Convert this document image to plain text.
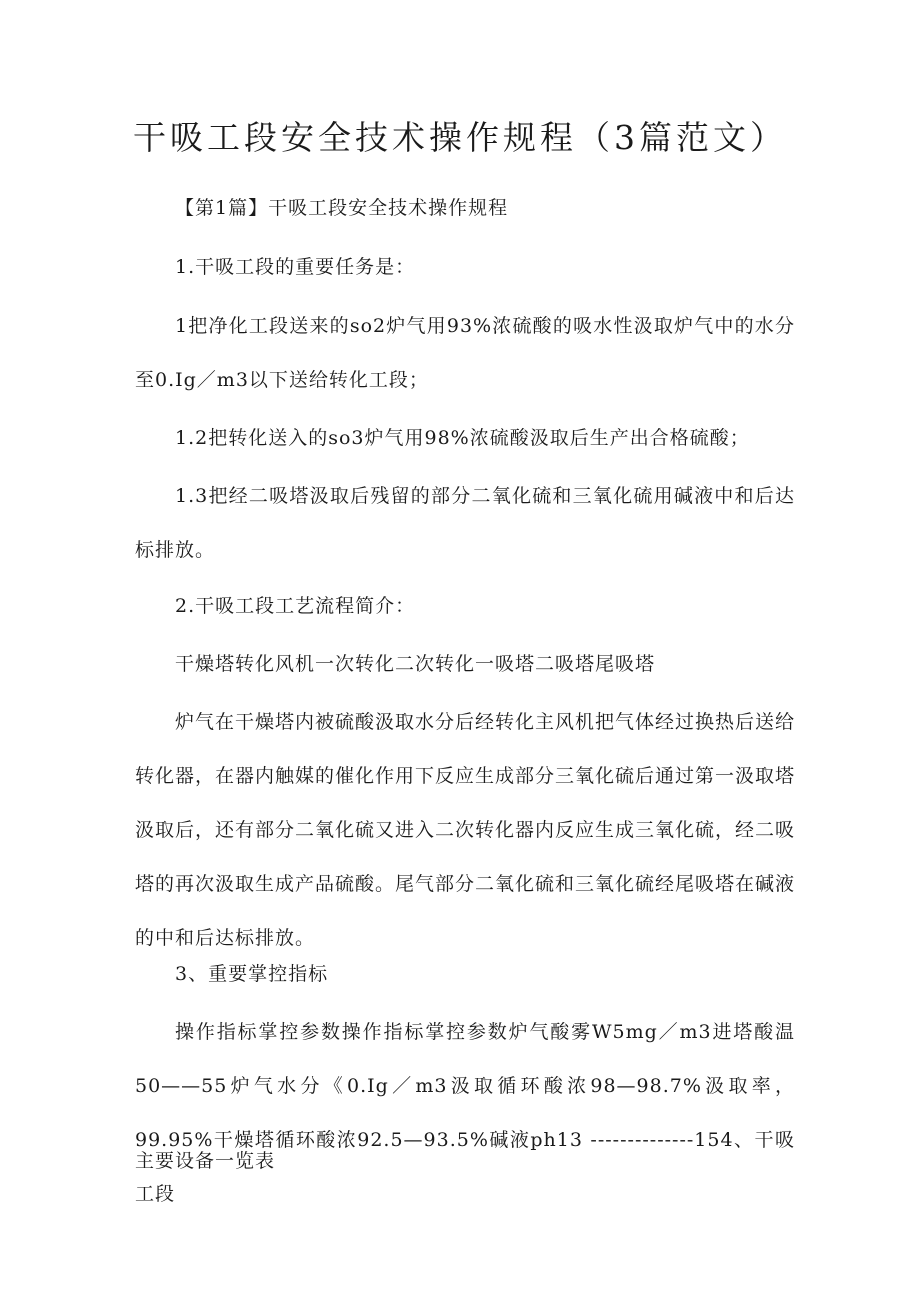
干吸工段安全技术操作规程（3篇范文）

【第1篇】干吸工段安全技术操作规程

1.干吸工段的重要任务是：

1把净化工段送来的so2炉气用93%浓硫酸的吸水性汲取炉气中的水分至0.Ig／m3以下送给转化工段；

1.2把转化送入的so3炉气用98%浓硫酸汲取后生产出合格硫酸；

1.3把经二吸塔汲取后残留的部分二氧化硫和三氧化硫用碱液中和后达标排放。

2.干吸工段工艺流程简介：

干燥塔转化风机一次转化二次转化一吸塔二吸塔尾吸塔

炉气在干燥塔内被硫酸汲取水分后经转化主风机把气体经过换热后送给转化器，在器内触媒的催化作用下反应生成部分三氧化硫后通过第一汲取塔汲取后，还有部分二氧化硫又进入二次转化器内反应生成三氧化硫，经二吸塔的再次汲取生成产品硫酸。尾气部分二氧化硫和三氧化硫经尾吸塔在碱液的中和后达标排放。

3、重要掌控指标

操作指标掌控参数操作指标掌控参数炉气酸雾W5mg／m3进塔酸温50——55炉气水分《0.Ig／m3汲取循环酸浓98—98.7%汲取率，99.95%干燥塔循环酸浓92.5—93.5%碱液ph13 --------------154、干吸工段

主要设备一览表
